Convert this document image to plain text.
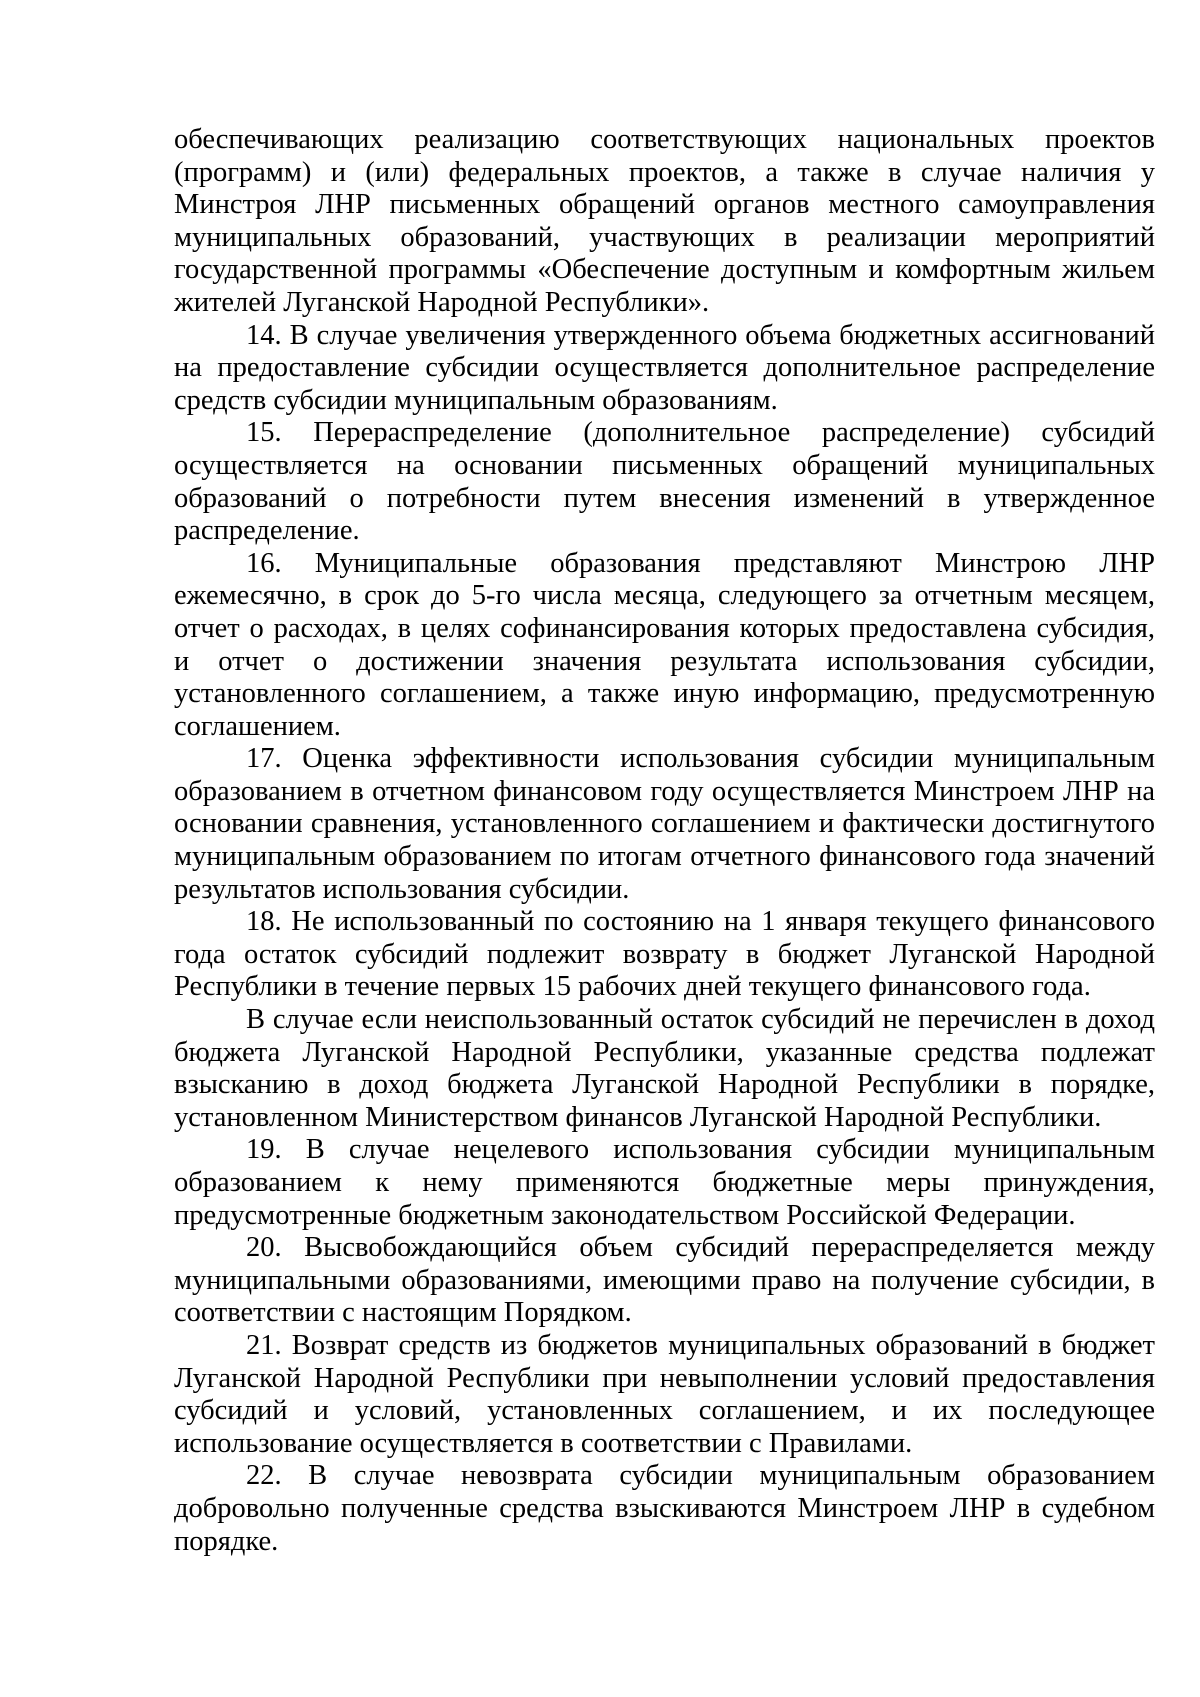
обеспечивающих реализацию соответствующих национальных проектов (программ) и (или) федеральных проектов, а также в случае наличия у Минстроя ЛНР письменных обращений органов местного самоуправления муниципальных образований, участвующих в реализации мероприятий государственной программы «Обеспечение доступным и комфортным жильем жителей Луганской Народной Республики».

14. В случае увеличения утвержденного объема бюджетных ассигнований на предоставление субсидии осуществляется дополнительное распределение средств субсидии муниципальным образованиям.

15. Перераспределение (дополнительное распределение) субсидий осуществляется на основании письменных обращений муниципальных образований о потребности путем внесения изменений в утвержденное распределение.

16. Муниципальные образования представляют Минстрою ЛНР ежемесячно, в срок до 5-го числа месяца, следующего за отчетным месяцем, отчет о расходах, в целях софинансирования которых предоставлена субсидия, и отчет о достижении значения результата использования субсидии, установленного соглашением, а также иную информацию, предусмотренную соглашением.

17. Оценка эффективности использования субсидии муниципальным образованием в отчетном финансовом году осуществляется Минстроем ЛНР на основании сравнения, установленного соглашением и фактически достигнутого муниципальным образованием по итогам отчетного финансового года значений результатов использования субсидии.

18. Не использованный по состоянию на 1 января текущего финансового года остаток субсидий подлежит возврату в бюджет Луганской Народной Республики в течение первых 15 рабочих дней текущего финансового года.

В случае если неиспользованный остаток субсидий не перечислен в доход бюджета Луганской Народной Республики, указанные средства подлежат взысканию в доход бюджета Луганской Народной Республики в порядке, установленном Министерством финансов Луганской Народной Республики.

19. В случае нецелевого использования субсидии муниципальным образованием к нему применяются бюджетные меры принуждения, предусмотренные бюджетным законодательством Российской Федерации.

20. Высвобождающийся объем субсидий перераспределяется между муниципальными образованиями, имеющими право на получение субсидии, в соответствии с настоящим Порядком.

21. Возврат средств из бюджетов муниципальных образований в бюджет Луганской Народной Республики при невыполнении условий предоставления субсидий и условий, установленных соглашением, и их последующее использование осуществляется в соответствии с Правилами.

22. В случае невозврата субсидии муниципальным образованием добровольно полученные средства взыскиваются Минстроем ЛНР в судебном порядке.
